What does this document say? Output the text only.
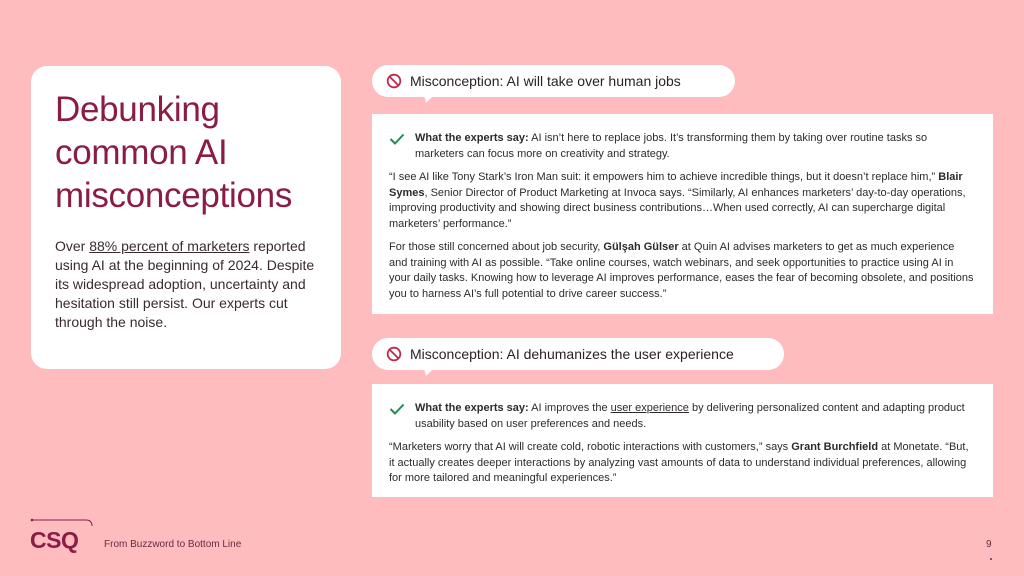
Debunking common AI misconceptions

Over 88% percent of marketers reported using AI at the beginning of 2024. Despite its widespread adoption, uncertainty and hesitation still persist. Our experts cut through the noise.

Misconception: AI will take over human jobs

What the experts say: AI isn’t here to replace jobs. It’s transforming them by taking over routine tasks so marketers can focus more on creativity and strategy.

“I see AI like Tony Stark’s Iron Man suit: it empowers him to achieve incredible things, but it doesn’t replace him,” Blair Symes, Senior Director of Product Marketing at Invoca says. “Similarly, AI enhances marketers’ day-to-day operations, improving productivity and showing direct business contributions…When used correctly, AI can supercharge digital marketers’ performance.”

For those still concerned about job security, Gülşah Gülser at Quin AI advises marketers to get as much experience and training with AI as possible. “Take online courses, watch webinars, and seek opportunities to practice using AI in your daily tasks. Knowing how to leverage AI improves performance, eases the fear of becoming obsolete, and positions you to harness AI’s full potential to drive career success.”

Misconception: AI dehumanizes the user experience

What the experts say: AI improves the user experience by delivering personalized content and adapting product usability based on user preferences and needs.

“Marketers worry that AI will create cold, robotic interactions with customers,” says Grant Burchfield at Monetate. “But, it actually creates deeper interactions by analyzing vast amounts of data to understand individual preferences, allowing for more tailored and meaningful experiences.”

CSQ	From Buzzword to Bottom Line	9
